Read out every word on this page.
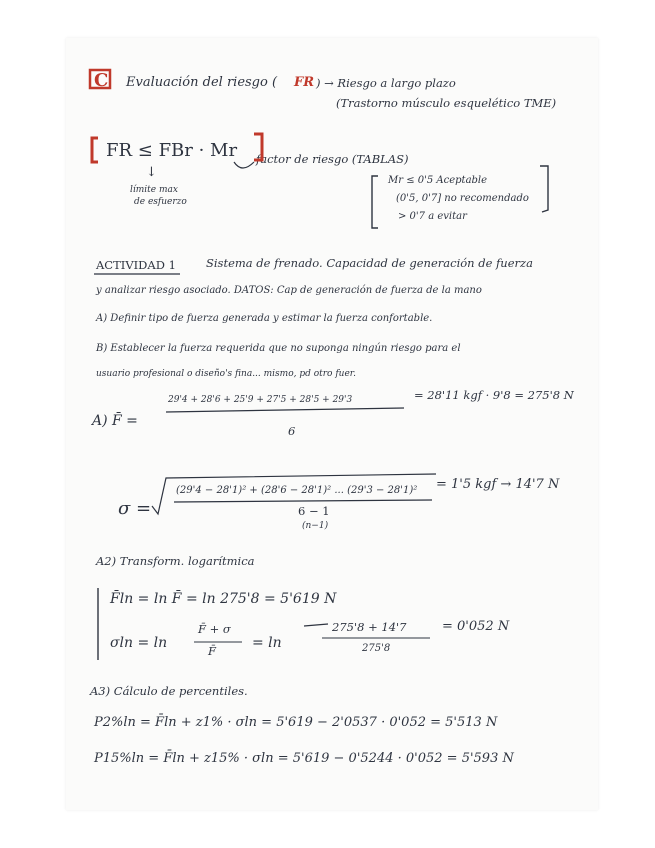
C Evaluación del riesgo ( FR ) → Riesgo a largo plazo
(Trastorno músculo esquelético TME)
FR ≤ FBr · Mr
↓
límite max
de esfuerzo
factor de riesgo (TABLAS)
Mr ≤ 0'5 Aceptable
(0'5, 0'7] no recomendado
> 0'7 a evitar
ACTIVIDAD 1	Sistema de frenado. Capacidad de generación de fuerza
y analizar riesgo asociado. DATOS: Cap de generación de fuerza de la mano
A) Definir tipo de fuerza generada y estimar la fuerza confortable.
B) Establecer la fuerza requerida que no suponga ningún riesgo para el
usuario profesional o diseño's fina... mismo, pd otro fuer.
A) F̄ =
29'4 + 28'6 + 25'9 + 27'5 + 28'5 + 29'3
6
= 28'11 kgf · 9'8 = 275'8 N
σ =
(29'4 − 28'1)² + (28'6 − 28'1)² ... (29'3 − 28'1)²
6 − 1
(n−1)
= 1'5 kgf → 14'7 N
A2) Transform. logarítmica
F̄ln = ln F̄ = ln 275'8 = 5'619 N
σln = ln
F̄ + σ
F̄	= ln
275'8 + 14'7
275'8
= 0'052 N
A3) Cálculo de percentiles.
P2%ln = F̄ln + z1% · σln = 5'619 − 2'0537 · 0'052 = 5'513 N
P15%ln = F̄ln + z15% · σln = 5'619 − 0'5244 · 0'052 = 5'593 N
